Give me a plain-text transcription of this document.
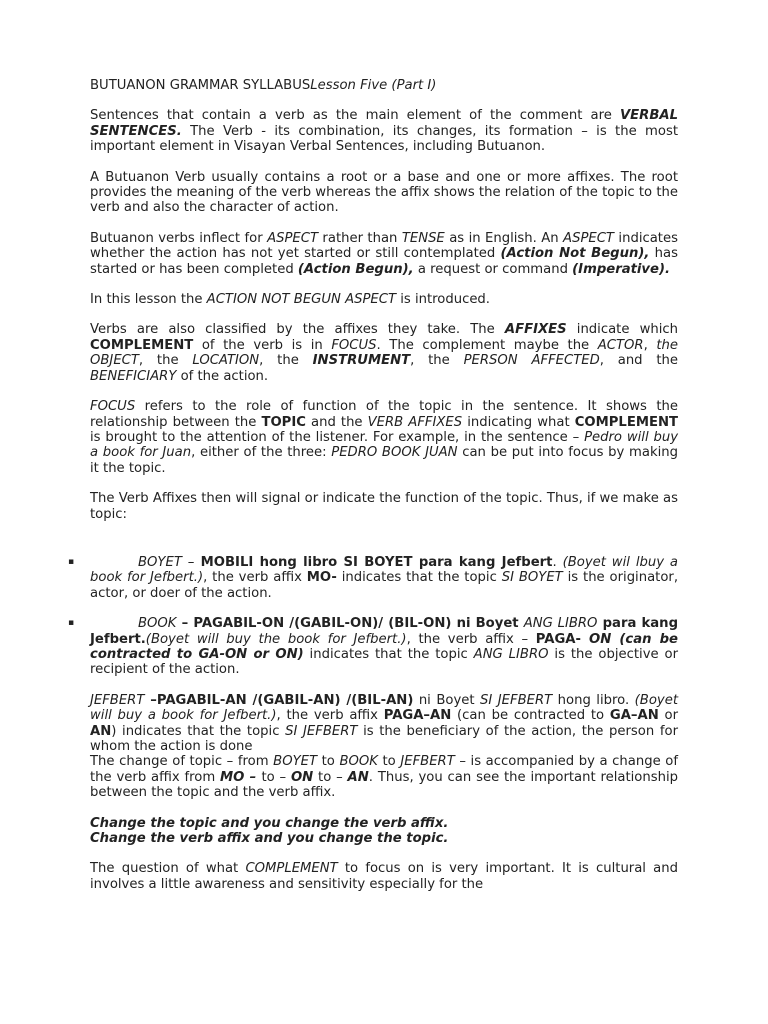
BUTUANON GRAMMAR SYLLABUSLesson Five (Part I)

Sentences that contain a verb as the main element of the comment are VERBAL SENTENCES. The Verb - its combination, its changes, its formation – is the most important element in Visayan Verbal Sentences, including Butuanon.

A Butuanon Verb usually contains a root or a base and one or more affixes. The root provides the meaning of the verb whereas the affix shows the relation of the topic to the verb and also the character of action.

Butuanon verbs inflect for ASPECT rather than TENSE as in English. An ASPECT indicates whether the action has not yet started or still contemplated (Action Not Begun), has started or has been completed (Action Begun), a request or command (Imperative).

In this lesson the ACTION NOT BEGUN ASPECT is introduced.

Verbs are also classified by the affixes they take. The AFFIXES indicate which COMPLEMENT of the verb is in FOCUS. The complement maybe the ACTOR, the OBJECT, the LOCATION, the INSTRUMENT, the PERSON AFFECTED, and the BENEFICIARY of the action.

FOCUS refers to the role of function of the topic in the sentence. It shows the relationship between the TOPIC and the VERB AFFIXES indicating what COMPLEMENT is brought to the attention of the listener. For example, in the sentence – Pedro will buy a book for Juan, either of the three: PEDRO BOOK JUAN can be put into focus by making it the topic.

The Verb Affixes then will signal or indicate the function of the topic. Thus, if we make as topic:

▪	BOYET – MOBILI hong libro SI BOYET para kang Jefbert. (Boyet wil lbuy a book for Jefbert.), the verb affix MO- indicates that the topic SI BOYET is the originator, actor, or doer of the action.

▪	BOOK – PAGABIL-ON /(GABIL-ON)/ (BIL-ON) ni Boyet ANG LIBRO para kang Jefbert.(Boyet will buy the book for Jefbert.), the verb affix – PAGA- ON (can be contracted to GA-ON or ON) indicates that the topic ANG LIBRO is the objective or recipient of the action.

JEFBERT –PAGABIL-AN /(GABIL-AN) /(BIL-AN) ni Boyet SI JEFBERT hong libro. (Boyet will buy a book for Jefbert.), the verb affix PAGA–AN (can be contracted to GA–AN or AN) indicates that the topic SI JEFBERT is the beneficiary of the action, the person for whom the action is done

The change of topic – from BOYET to BOOK to JEFBERT – is accompanied by a change of the verb affix from MO – to – ON to – AN. Thus, you can see the important relationship between the topic and the verb affix.

Change the topic and you change the verb affix.
Change the verb affix and you change the topic.

The question of what COMPLEMENT to focus on is very important. It is cultural and involves a little awareness and sensitivity especially for the
